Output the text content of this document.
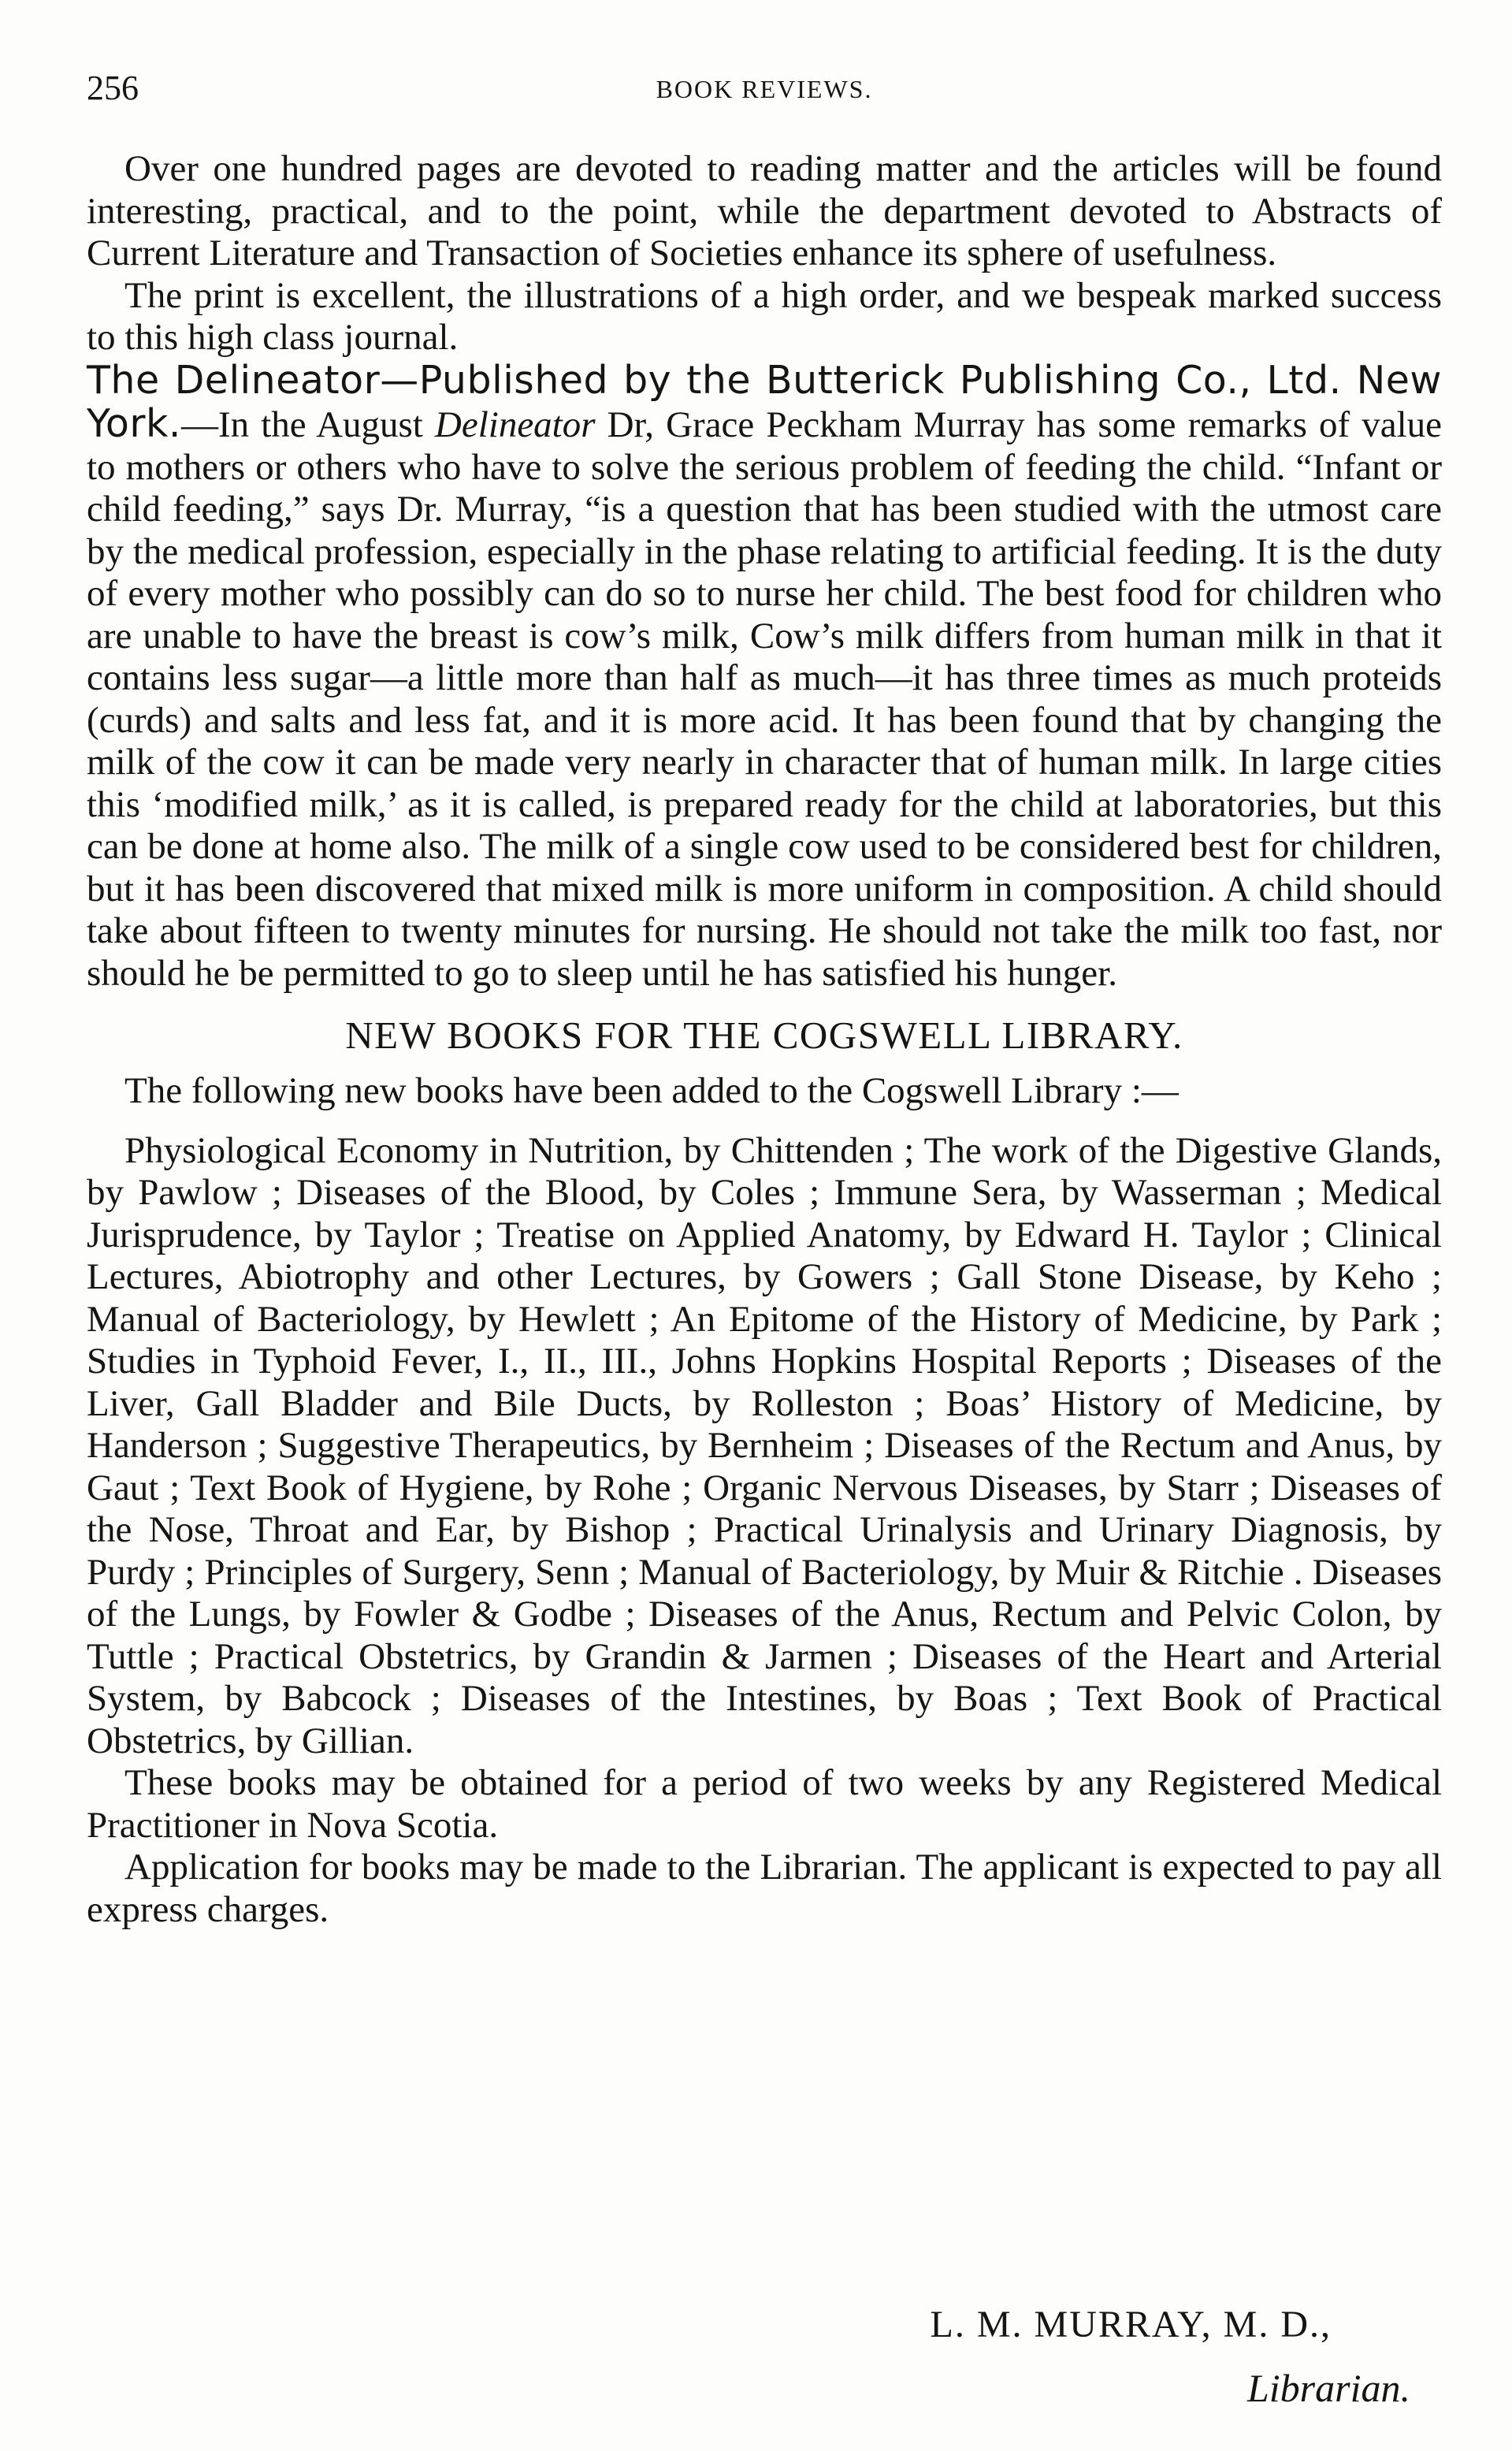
256	BOOK REVIEWS.

Over one hundred pages are devoted to reading matter and the articles will be found interesting, practical, and to the point, while the department devoted to Abstracts of Current Literature and Transaction of Societies enhance its sphere of usefulness.

The print is excellent, the illustrations of a high order, and we bespeak marked success to this high class journal.

The Delineator—Published by the Butterick Publishing Co., Ltd. New York.—In the August Delineator Dr, Grace Peckham Murray has some remarks of value to mothers or others who have to solve the serious problem of feeding the child. “Infant or child feeding,” says Dr. Murray, “is a question that has been studied with the utmost care by the medical profession, especially in the phase relating to artificial feeding. It is the duty of every mother who possibly can do so to nurse her child. The best food for children who are unable to have the breast is cow’s milk, Cow’s milk differs from human milk in that it contains less sugar—a little more than half as much—it has three times as much proteids (curds) and salts and less fat, and it is more acid. It has been found that by changing the milk of the cow it can be made very nearly in character that of human milk. In large cities this ‘modified milk,’ as it is called, is prepared ready for the child at laboratories, but this can be done at home also. The milk of a single cow used to be considered best for children, but it has been discovered that mixed milk is more uniform in composition. A child should take about fifteen to twenty minutes for nursing. He should not take the milk too fast, nor should he be permitted to go to sleep until he has satisfied his hunger.

NEW BOOKS FOR THE COGSWELL LIBRARY.

The following new books have been added to the Cogswell Library :—

Physiological Economy in Nutrition, by Chittenden ; The work of the Digestive Glands, by Pawlow ; Diseases of the Blood, by Coles ; Immune Sera, by Wasserman ; Medical Jurisprudence, by Taylor ; Treatise on Applied Anatomy, by Edward H. Taylor ; Clinical Lectures, Abiotrophy and other Lectures, by Gowers ; Gall Stone Disease, by Keho ; Manual of Bacteriology, by Hewlett ; An Epitome of the History of Medicine, by Park ; Studies in Typhoid Fever, I., II., III., Johns Hopkins Hospital Reports ; Diseases of the Liver, Gall Bladder and Bile Ducts, by Rolleston ; Boas’ History of Medicine, by Handerson ; Suggestive Therapeutics, by Bernheim ; Diseases of the Rectum and Anus, by Gaut ; Text Book of Hygiene, by Rohe ; Organic Nervous Diseases, by Starr ; Diseases of the Nose, Throat and Ear, by Bishop ; Practical Urinalysis and Urinary Diagnosis, by Purdy ; Principles of Surgery, Senn ; Manual of Bacteriology, by Muir & Ritchie . Diseases of the Lungs, by Fowler & Godbe ; Diseases of the Anus, Rectum and Pelvic Colon, by Tuttle ; Practical Obstetrics, by Grandin & Jarmen ; Diseases of the Heart and Arterial System, by Babcock ; Diseases of the Intestines, by Boas ; Text Book of Practical Obstetrics, by Gillian.

These books may be obtained for a period of two weeks by any Registered Medical Practitioner in Nova Scotia.

Application for books may be made to the Librarian. The applicant is expected to pay all express charges.

L. M. MURRAY, M. D.,
Librarian.
